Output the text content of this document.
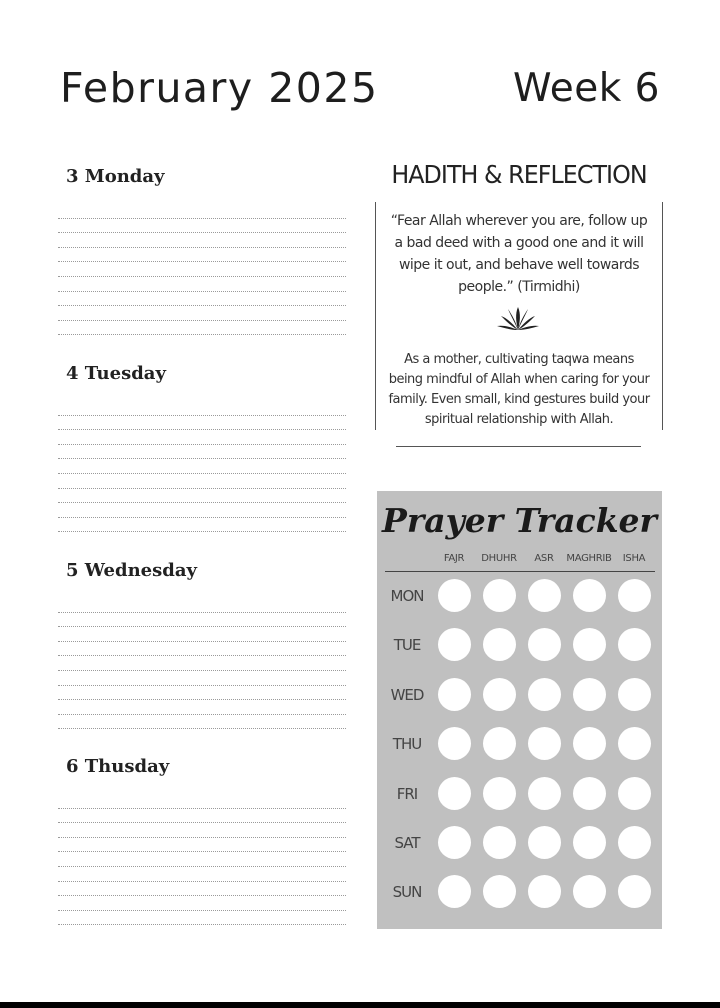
February 2025	Week 6
3 Monday
4 Tuesday
5 Wednesday
6 Thusday
HADITH & REFLECTION
“Fear Allah wherever you are, follow up a bad deed with a good one and it will wipe it out, and behave well towards people.” (Tirmidhi)
As a mother, cultivating taqwa means being mindful of Allah when caring for your family. Even small, kind gestures build your spiritual relationship with Allah.
Prayer Tracker
FAJR	DHUHR	ASR	MAGHRIB	ISHA
MON
TUE
WED
THU
FRI
SAT
SUN
